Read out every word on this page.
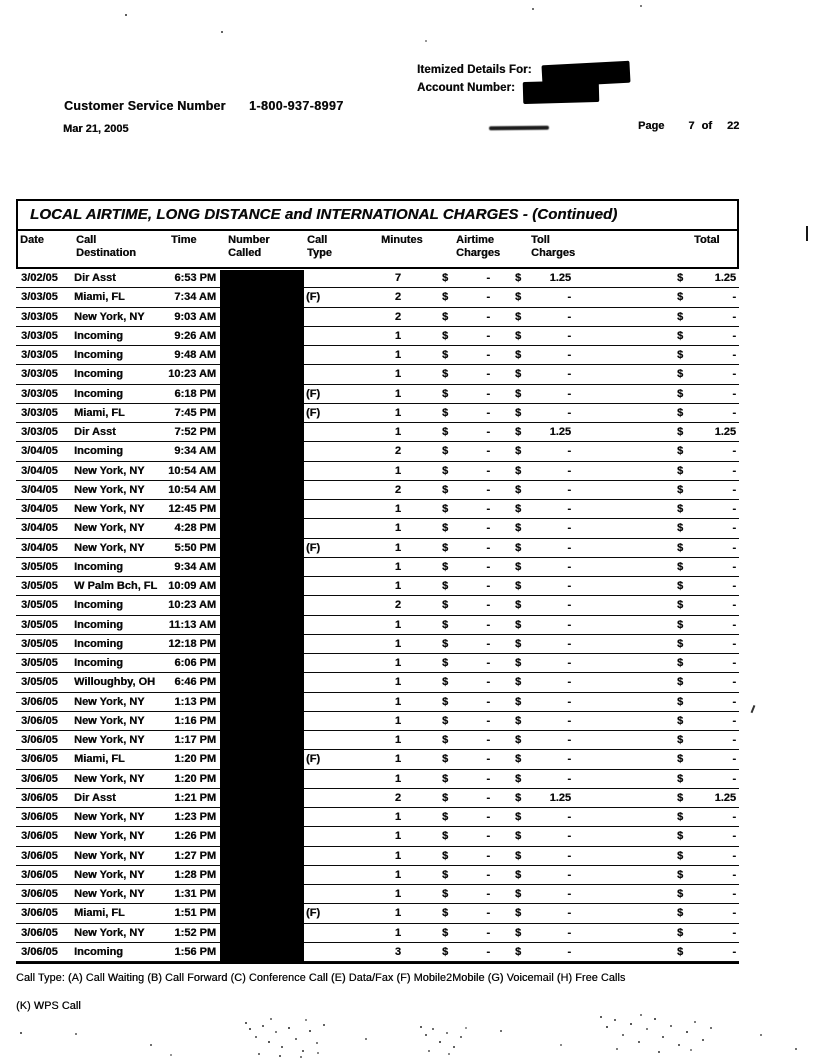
Itemized Details For:
Account Number:
Customer Service Number 1-800-937-8997
Mar 21, 2005	Page 7 of 22
LOCAL AIRTIME, LONG DISTANCE and INTERNATIONAL CHARGES - (Continued)
Date	Call
Destination
Time	Number
Called
Call
Type
Minutes	Airtime
Charges
Toll
Charges
Total
3/02/05 Dir Asst	6:53 PM	7	$	- $	1.25	$	1.25
3/03/05 Miami, FL	7:34 AM	(F)	2	$	- $	-	$	-
3/03/05 New York, NY	9:03 AM	2	$	- $	-	$	-
3/03/05 Incoming	9:26 AM	1	$	- $	-	$	-
3/03/05 Incoming	9:48 AM	1	$	- $	-	$	-
3/03/05 Incoming	10:23 AM	1	$	- $	-	$	-
3/03/05 Incoming	6:18 PM	(F)	1	$	- $	-	$	-
3/03/05 Miami, FL	7:45 PM	(F)	1	$	- $	-	$	-
3/03/05 Dir Asst	7:52 PM	1	$	- $	1.25	$	1.25
3/04/05 Incoming	9:34 AM	2	$	- $	-	$	-
3/04/05 New York, NY	10:54 AM	1	$	- $	-	$	-
3/04/05 New York, NY	10:54 AM	2	$	- $	-	$	-
3/04/05 New York, NY	12:45 PM	1	$	- $	-	$	-
3/04/05 New York, NY	4:28 PM	1	$	- $	-	$	-
3/04/05 New York, NY	5:50 PM	(F)	1	$	- $	-	$	-
3/05/05 Incoming	9:34 AM	1	$	- $	-	$	-
3/05/05 W Palm Bch, FL 10:09 AM	1	$	- $	-	$	-
3/05/05 Incoming	10:23 AM	2	$	- $	-	$	-
3/05/05 Incoming	11:13 AM	1	$	- $	-	$	-
3/05/05 Incoming	12:18 PM	1	$	- $	-	$	-
3/05/05 Incoming	6:06 PM	1	$	- $	-	$	-
3/05/05 Willoughby, OH	6:46 PM	1	$	- $	-	$	-
3/06/05 New York, NY	1:13 PM	1	$	- $	-	$	-
3/06/05 New York, NY	1:16 PM	1	$	- $	-	$	-
3/06/05 New York, NY	1:17 PM	1	$	- $	-	$	-
3/06/05 Miami, FL	1:20 PM	(F)	1	$	- $	-	$	-
3/06/05 New York, NY	1:20 PM	1	$	- $	-	$	-
3/06/05 Dir Asst	1:21 PM	2	$	- $	1.25	$	1.25
3/06/05 New York, NY	1:23 PM	1	$	- $	-	$	-
3/06/05 New York, NY	1:26 PM	1	$	- $	-	$	-
3/06/05 New York, NY	1:27 PM	1	$	- $	-	$	-
3/06/05 New York, NY	1:28 PM	1	$	- $	-	$	-
3/06/05 New York, NY	1:31 PM	1	$	- $	-	$	-
3/06/05 Miami, FL	1:51 PM	(F)	1	$	- $	-	$	-
3/06/05 New York, NY	1:52 PM	1	$	- $	-	$	-
3/06/05 Incoming	1:56 PM	3	$	- $	-	$	-
Call Type: (A) Call Waiting (B) Call Forward (C) Conference Call (E) Data/Fax (F) Mobile2Mobile (G) Voicemail (H) Free Calls
(K) WPS Call
